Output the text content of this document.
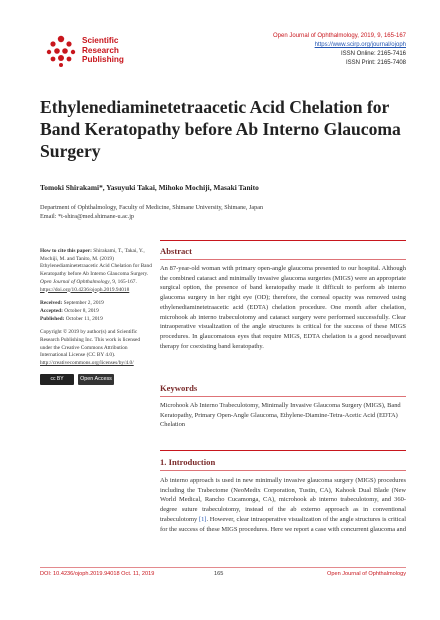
Scientific
Research
Publishing
Open Journal of Ophthalmology, 2019, 9, 165-167
https://www.scirp.org/journal/ojoph
ISSN Online: 2165-7416
ISSN Print: 2165-7408
Ethylenediaminetetraacetic Acid Chelation for Band Keratopathy before Ab Interno Glaucoma Surgery
Tomoki Shirakami*, Yasuyuki Takai, Mihoko Mochiji, Masaki Tanito
Department of Ophthalmology, Faculty of Medicine, Shimane University, Shimane, Japan
Email: *t-shira@med.shimane-u.ac.jp

How to cite this paper: Shirakami, T., Takai, Y., Mochiji, M. and Tanito, M. (2019) Ethylenediaminetetraacetic Acid Chelation for Band Keratopathy before Ab Interno Glaucoma Surgery. Open Journal of Ophthalmology, 9, 165-167. https://doi.org/10.4236/ojoph.2019.94018

Received: September 2, 2019
Accepted: October 8, 2019
Published: October 11, 2019

Copyright © 2019 by author(s) and Scientific Research Publishing Inc. This work is licensed under the Creative Commons Attribution International License (CC BY 4.0).
http://creativecommons.org/licenses/by/4.0/

cc BY	Open Access
Abstract
An 87-year-old woman with primary open-angle glaucoma presented to our hospital. Although the combined cataract and minimally invasive glaucoma surgeries (MIGS) were an appropriate surgical option, the presence of band keratopathy made it difficult to perform ab interno glaucoma surgery in her right eye (OD); therefore, the corneal opacity was removed using ethylenediaminetetraacetic acid (EDTA) chelation procedure. One month after chelation, microhook ab interno trabeculotomy and cataract surgery were performed successfully. Clear intraoperative visualization of the angle structures is critical for the success of these MIGS procedures. In glaucomatous eyes that require MIGS, EDTA chelation is a good neoadjuvant therapy for coexisting band keratopathy.
Keywords
Microhook Ab Interno Trabeculotomy, Minimally Invasive Glaucoma Surgery (MIGS), Band Keratopathy, Primary Open-Angle Glaucoma, Ethylene-Diamine-Tetra-Acetic Acid (EDTA) Chelation
1. Introduction
Ab interno approach is used in new minimally invasive glaucoma surgery (MIGS) procedures including the Trabectome (NeoMedix Corporation, Tustin, CA), Kahook Dual Blade (New World Medical, Rancho Cucamonga, CA), microhook ab interno trabeculotomy, and 360-degree suture trabeculotomy, instead of the ab externo approach as in conventional trabeculotomy [1]. However, clear intraoperative visualization of the angle structures is critical for the success of these MIGS procedures. Here we report a case with concurrent glaucoma and
DOI: 10.4236/ojoph.2019.94018 Oct. 11, 2019	165	Open Journal of Ophthalmology
